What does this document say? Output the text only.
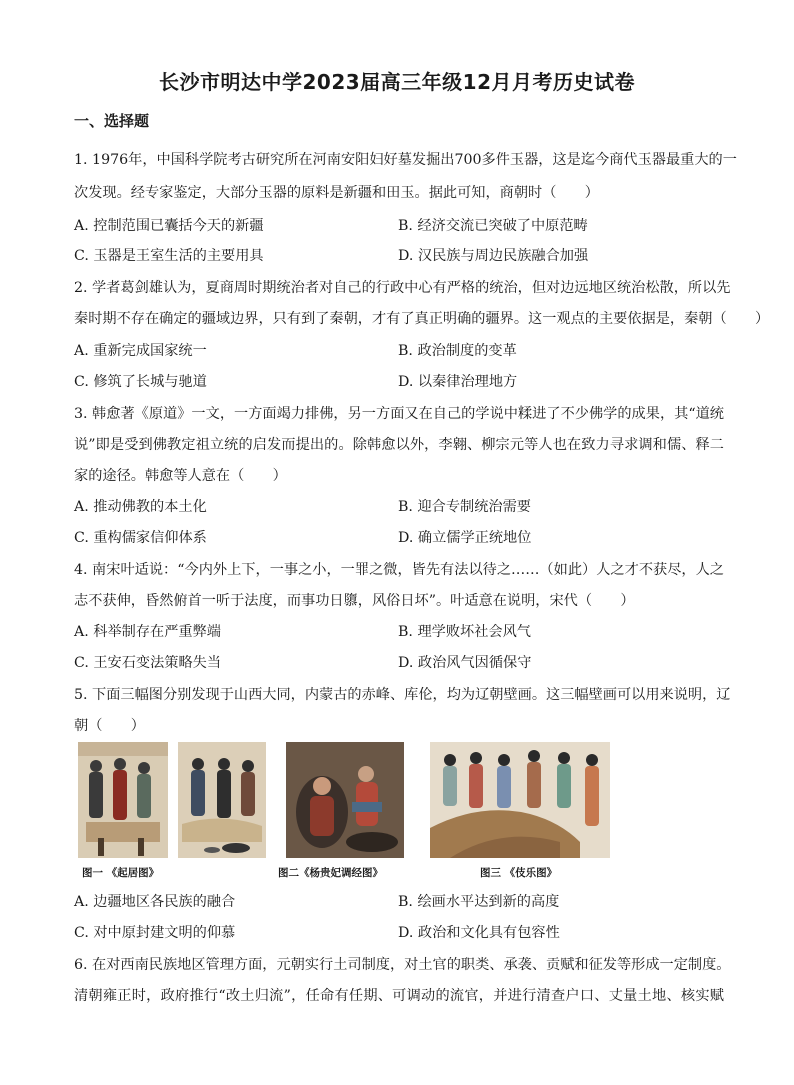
长沙市明达中学2023届高三年级12月月考历史试卷
一、选择题
1. 1976年，中国科学院考古研究所在河南安阳妇好墓发掘出700多件玉器，这是迄今商代玉器最重大的一
次发现。经专家鉴定，大部分玉器的原料是新疆和田玉。据此可知，商朝时（　　）
A. 控制范围已囊括今天的新疆	B. 经济交流已突破了中原范畴
C. 玉器是王室生活的主要用具	D. 汉民族与周边民族融合加强
2. 学者葛剑雄认为，夏商周时期统治者对自己的行政中心有严格的统治，但对边远地区统治松散，所以先
秦时期不存在确定的疆域边界，只有到了秦朝，才有了真正明确的疆界。这一观点的主要依据是，秦朝（　　）
A. 重新完成国家统一	B. 政治制度的变革
C. 修筑了长城与驰道	D. 以秦律治理地方
3. 韩愈著《原道》一文，一方面竭力排佛，另一方面又在自己的学说中糅进了不少佛学的成果，其“道统
说”即是受到佛教定祖立统的启发而提出的。除韩愈以外，李翱、柳宗元等人也在致力寻求调和儒、释二
家的途径。韩愈等人意在（　　）
A. 推动佛教的本土化	B. 迎合专制统治需要
C. 重构儒家信仰体系	D. 确立儒学正统地位
4. 南宋叶适说：“今内外上下，一事之小，一罪之微，皆先有法以待之……（如此）人之才不获尽，人之
志不获伸，昏然俯首一听于法度，而事功日隳，风俗日坏”。叶适意在说明，宋代（　　）
A. 科举制存在严重弊端	B. 理学败坏社会风气
C. 王安石变法策略失当	D. 政治风气因循保守
5. 下面三幅图分别发现于山西大同，内蒙古的赤峰、库伦，均为辽朝壁画。这三幅壁画可以用来说明，辽
朝（　　）
图一 《起居图》	图二《杨贵妃调经图》	图三 《伎乐图》
A. 边疆地区各民族的融合	B. 绘画水平达到新的高度
C. 对中原封建文明的仰慕	D. 政治和文化具有包容性
6. 在对西南民族地区管理方面，元朝实行土司制度，对土官的职类、承袭、贡赋和征发等形成一定制度。
清朝雍正时，政府推行“改土归流”，任命有任期、可调动的流官，并进行清查户口、丈量土地、核实赋
